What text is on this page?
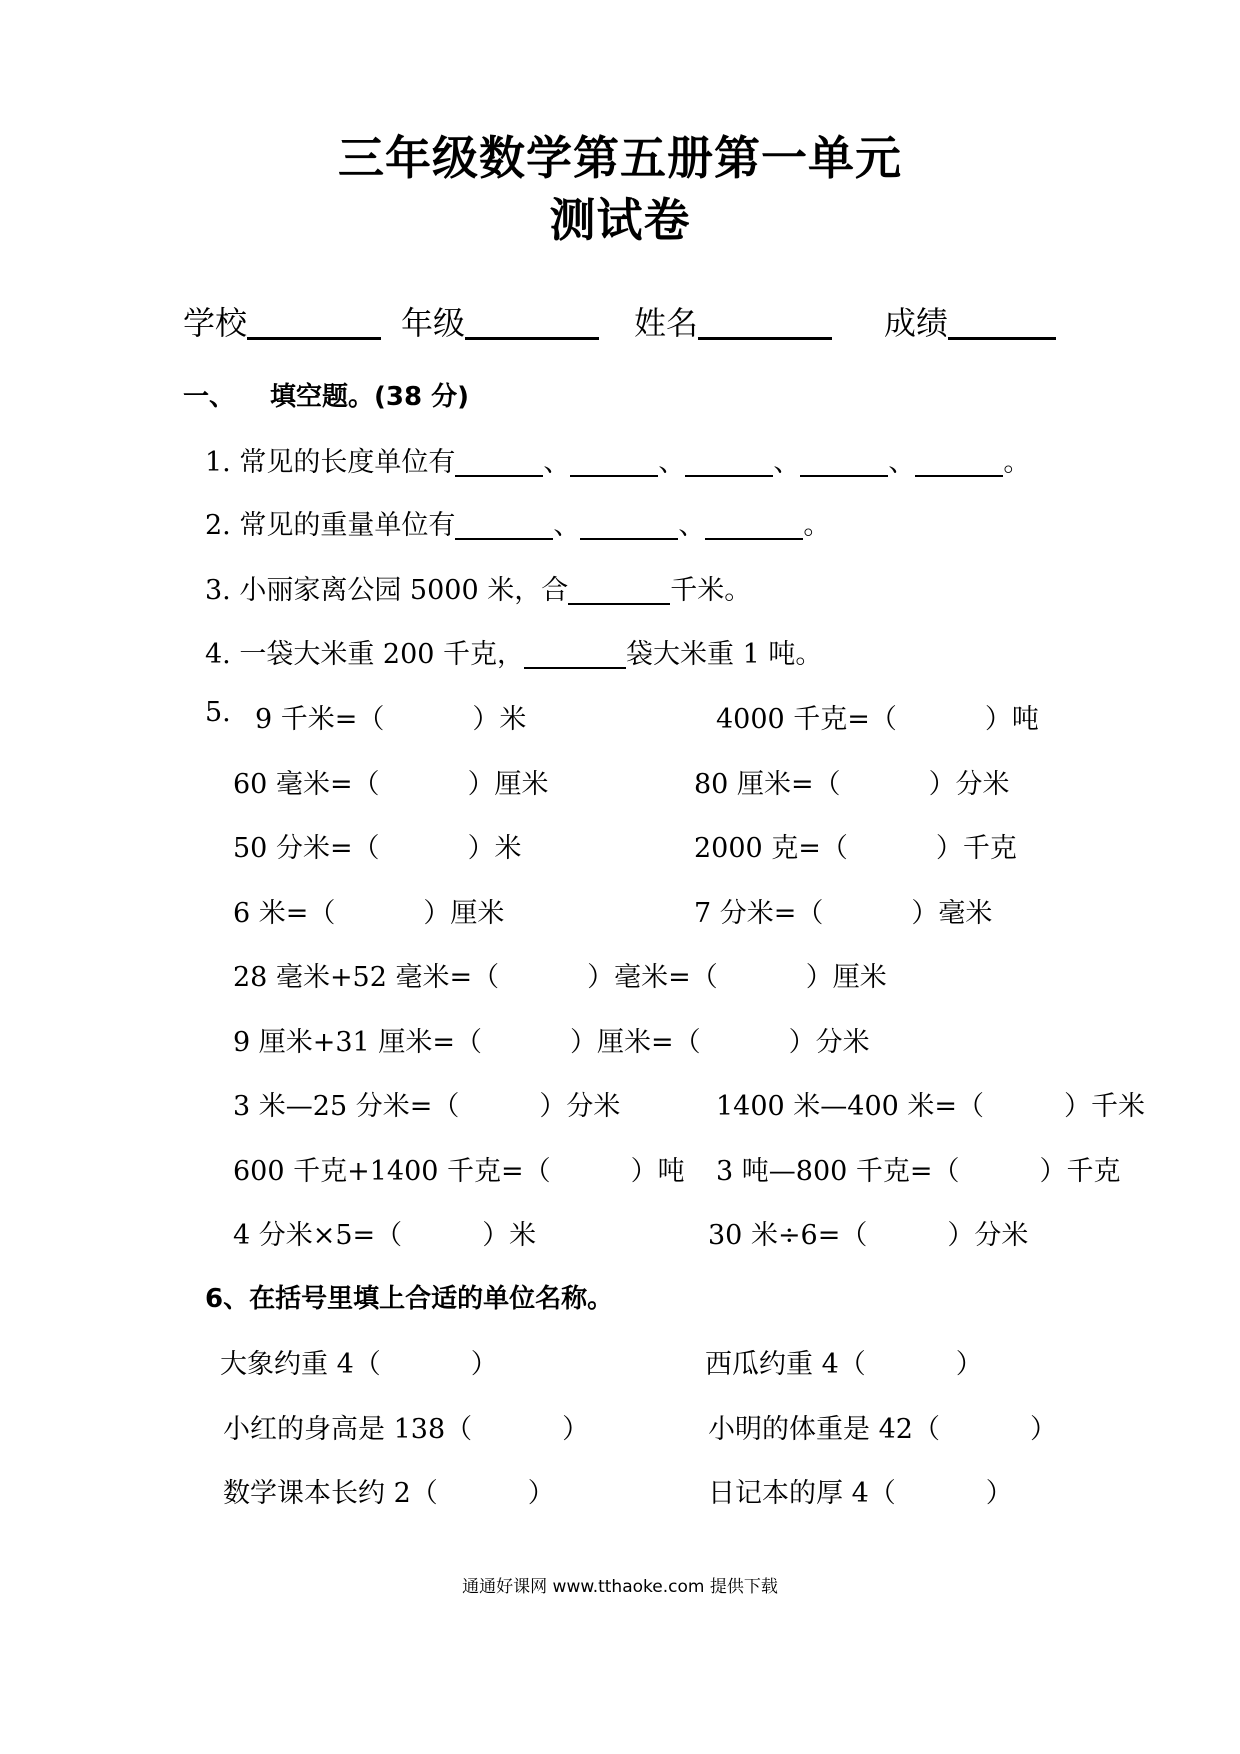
三年级数学第五册第一单元
测试卷
学校	年级	姓名	成绩
一、 填空题。(38 分)
1. 常见的长度单位有	、	、	、	、	。
2. 常见的重量单位有	、	、	。
3. 小丽家离公园 5000 米，合	千米。
4. 一袋大米重 200 千克，	袋大米重 1 吨。
5. 9 千米=（	）米	4000 千克=（	）吨
60 毫米=（	）厘米	80 厘米=（	）分米
50 分米=（	）米	2000 克=（	）千克
6 米=（	）厘米	7 分米=（	）毫米
28 毫米+52 毫米=（	）毫米=（	）厘米
9 厘米+31 厘米=（	）厘米=（	）分米
3 米—25 分米=（	）分米	1400 米—400 米=（	）千米
600 千克+1400 千克=（	）吨 3 吨—800 千克=（	）千克
4 分米×5=（	）米	30 米÷6=（	）分米
6、在括号里填上合适的单位名称。
大象约重 4（	）	西瓜约重 4（	）
小红的身高是 138（	）	小明的体重是 42（	）
数学课本长约 2（	）	日记本的厚 4（	）
通通好课网 www.tthaoke.com 提供下载
